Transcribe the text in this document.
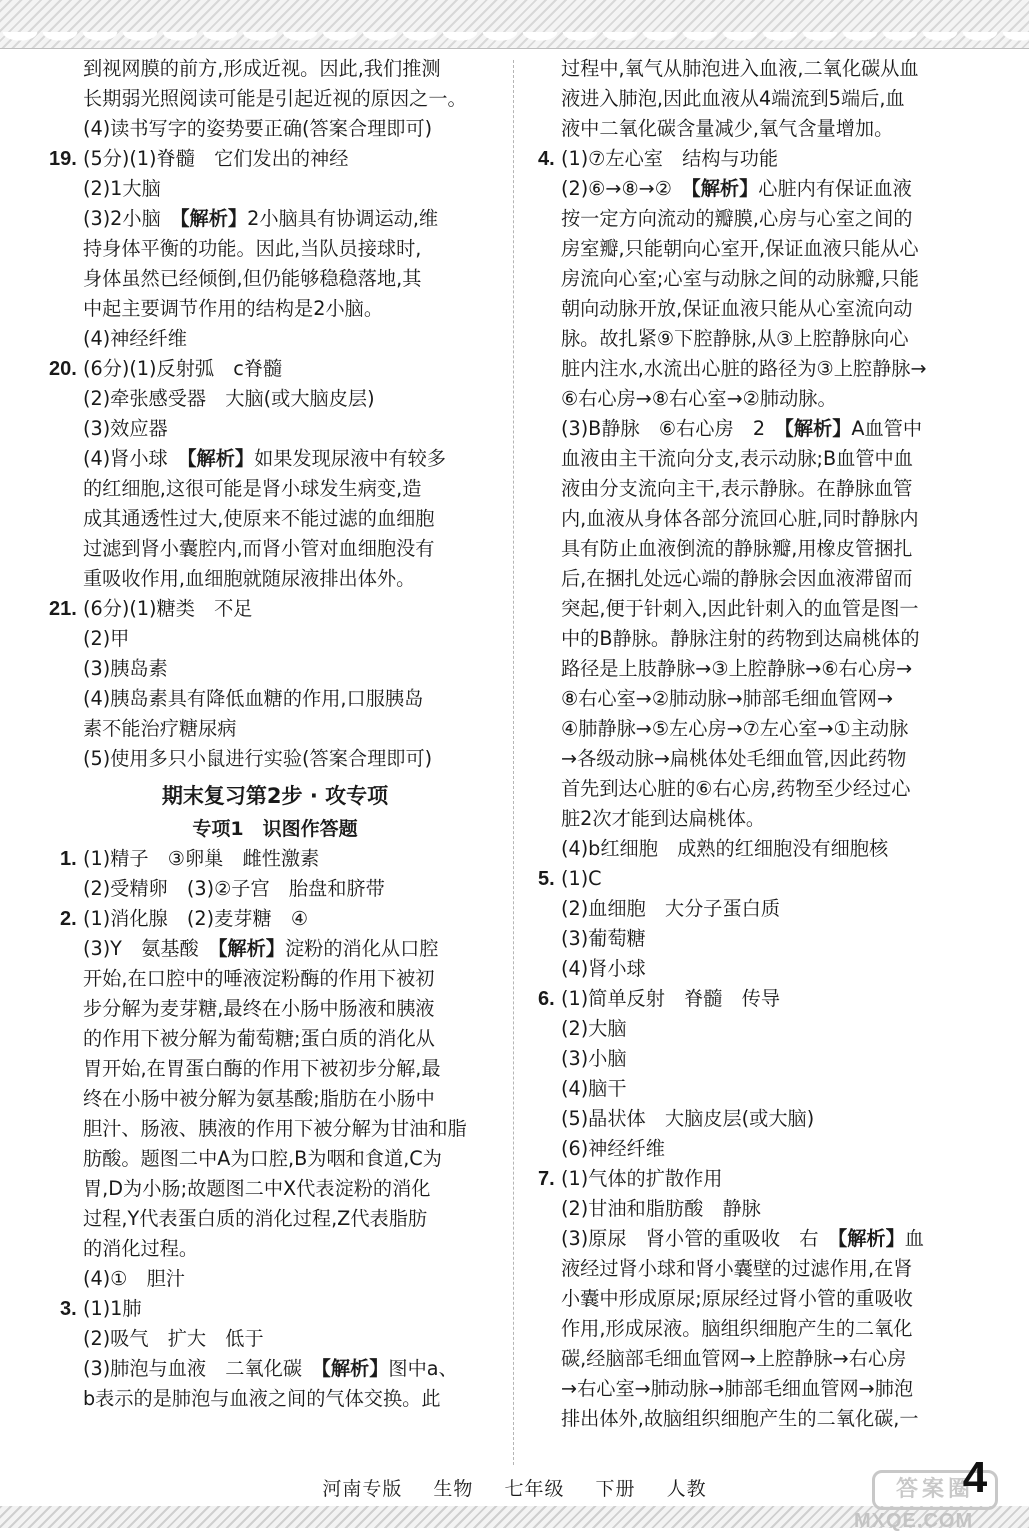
到视网膜的前方,形成近视。因此,我们推测
长期弱光照阅读可能是引起近视的原因之一。
(4)读书写字的姿势要正确(答案合理即可)
19. (5分)(1)脊髓　它们发出的神经
(2)1大脑
(3)2小脑　【解析】2小脑具有协调运动,维
持身体平衡的功能。因此,当队员接球时,
身体虽然已经倾倒,但仍能够稳稳落地,其
中起主要调节作用的结构是2小脑。
(4)神经纤维
20. (6分)(1)反射弧　c脊髓
(2)牵张感受器　大脑(或大脑皮层)
(3)效应器
(4)肾小球　【解析】如果发现尿液中有较多
的红细胞,这很可能是肾小球发生病变,造
成其通透性过大,使原来不能过滤的血细胞
过滤到肾小囊腔内,而肾小管对血细胞没有
重吸收作用,血细胞就随尿液排出体外。
21. (6分)(1)糖类　不足
(2)甲
(3)胰岛素
(4)胰岛素具有降低血糖的作用,口服胰岛
素不能治疗糖尿病
(5)使用多只小鼠进行实验(答案合理即可)
期末复习第2步 · 攻专项
专项1　识图作答题
1. (1)精子　③卵巢　雌性激素
(2)受精卵　(3)②子宫　胎盘和脐带
2. (1)消化腺　(2)麦芽糖　④
(3)Y　氨基酸　【解析】淀粉的消化从口腔
开始,在口腔中的唾液淀粉酶的作用下被初
步分解为麦芽糖,最终在小肠中肠液和胰液
的作用下被分解为葡萄糖;蛋白质的消化从
胃开始,在胃蛋白酶的作用下被初步分解,最
终在小肠中被分解为氨基酸;脂肪在小肠中
胆汁、肠液、胰液的作用下被分解为甘油和脂
肪酸。题图二中A为口腔,B为咽和食道,C为
胃,D为小肠;故题图二中X代表淀粉的消化
过程,Y代表蛋白质的消化过程,Z代表脂肪
的消化过程。
(4)①　胆汁
3. (1)1肺
(2)吸气　扩大　低于
(3)肺泡与血液　二氧化碳　【解析】图中a、
b表示的是肺泡与血液之间的气体交换。此
过程中,氧气从肺泡进入血液,二氧化碳从血
液进入肺泡,因此血液从4端流到5端后,血
液中二氧化碳含量减少,氧气含量增加。
4. (1)⑦左心室　结构与功能
(2)⑥→⑧→②　【解析】心脏内有保证血液
按一定方向流动的瓣膜,心房与心室之间的
房室瓣,只能朝向心室开,保证血液只能从心
房流向心室;心室与动脉之间的动脉瓣,只能
朝向动脉开放,保证血液只能从心室流向动
脉。故扎紧⑨下腔静脉,从③上腔静脉向心
脏内注水,水流出心脏的路径为③上腔静脉→
⑥右心房→⑧右心室→②肺动脉。
(3)B静脉　⑥右心房　2　【解析】A血管中
血液由主干流向分支,表示动脉;B血管中血
液由分支流向主干,表示静脉。在静脉血管
内,血液从身体各部分流回心脏,同时静脉内
具有防止血液倒流的静脉瓣,用橡皮管捆扎
后,在捆扎处远心端的静脉会因血液滞留而
突起,便于针刺入,因此针刺入的血管是图一
中的B静脉。静脉注射的药物到达扁桃体的
路径是上肢静脉→③上腔静脉→⑥右心房→
⑧右心室→②肺动脉→肺部毛细血管网→
④肺静脉→⑤左心房→⑦左心室→①主动脉
→各级动脉→扁桃体处毛细血管,因此药物
首先到达心脏的⑥右心房,药物至少经过心
脏2次才能到达扁桃体。
(4)b红细胞　成熟的红细胞没有细胞核
5. (1)C
(2)血细胞　大分子蛋白质
(3)葡萄糖
(4)肾小球
6. (1)简单反射　脊髓　传导
(2)大脑
(3)小脑
(4)脑干
(5)晶状体　大脑皮层(或大脑)
(6)神经纤维
7. (1)气体的扩散作用
(2)甘油和脂肪酸　静脉
(3)原尿　肾小管的重吸收　右　【解析】血
液经过肾小球和肾小囊壁的过滤作用,在肾
小囊中形成原尿;原尿经过肾小管的重吸收
作用,形成尿液。脑组织细胞产生的二氧化
碳,经脑部毛细血管网→上腔静脉→右心房
→右心室→肺动脉→肺部毛细血管网→肺泡
排出体外,故脑组织细胞产生的二氧化碳,一
河南专版 生物 七年级 下册 人教	答案圈
MXQE.COM
4
